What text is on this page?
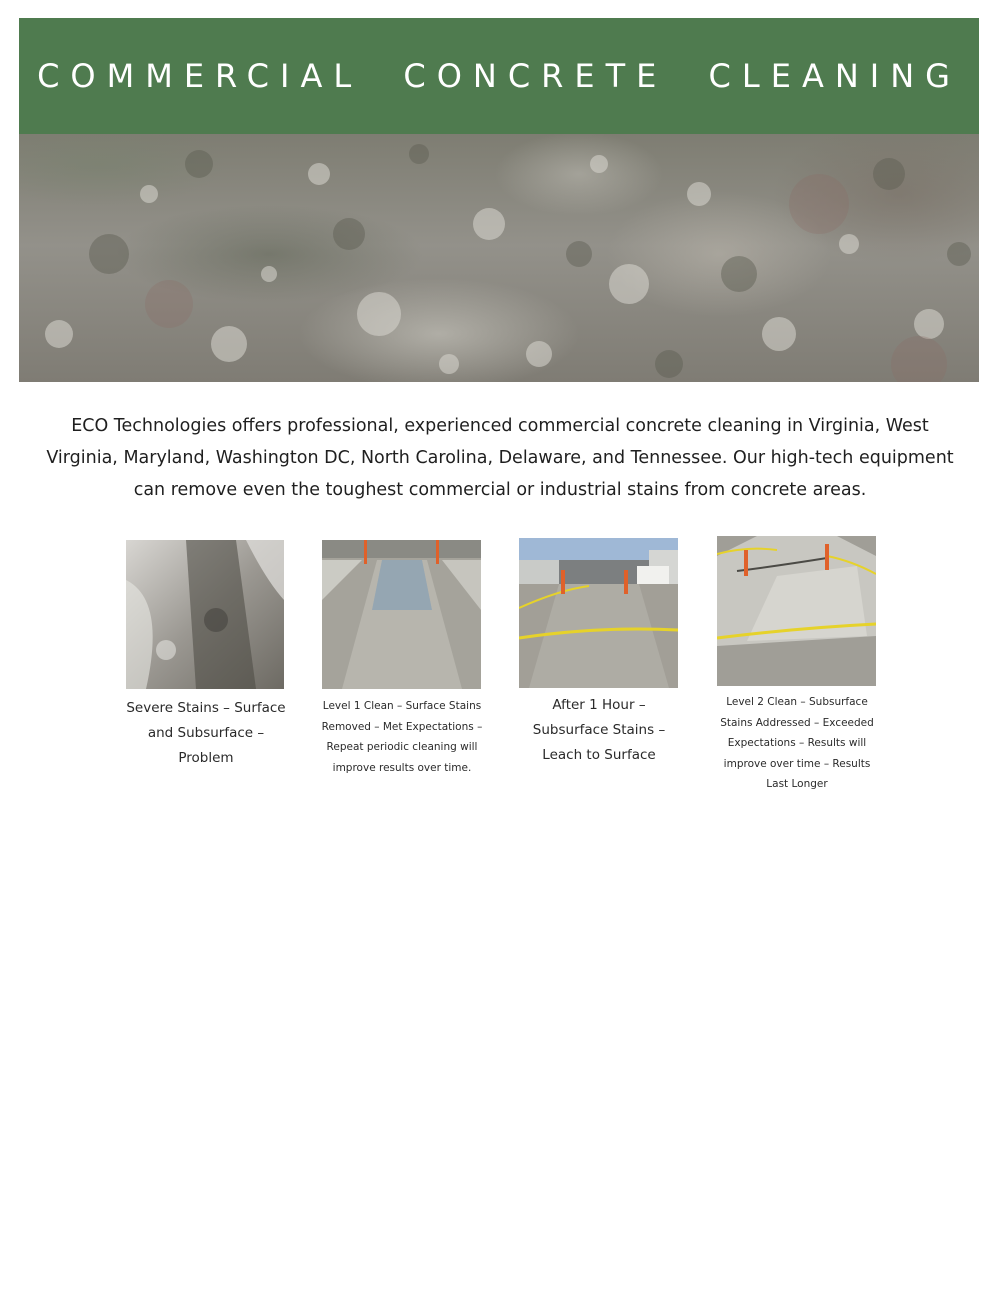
COMMERCIAL CONCRETE CLEANING

ECO Technologies offers professional, experienced commercial concrete cleaning in Virginia, West Virginia, Maryland, Washington DC, North Carolina, Delaware, and Tennessee. Our high-tech equipment can remove even the toughest commercial or industrial stains from concrete areas.

Severe Stains – Surface and Subsurface – Problem

Level 1 Clean – Surface Stains Removed – Met Expectations – Repeat periodic cleaning will improve results over time.

After 1 Hour – Subsurface Stains – Leach to Surface

Level 2 Clean – Subsurface Stains Addressed – Exceeded Expectations – Results will improve over time – Results Last Longer
